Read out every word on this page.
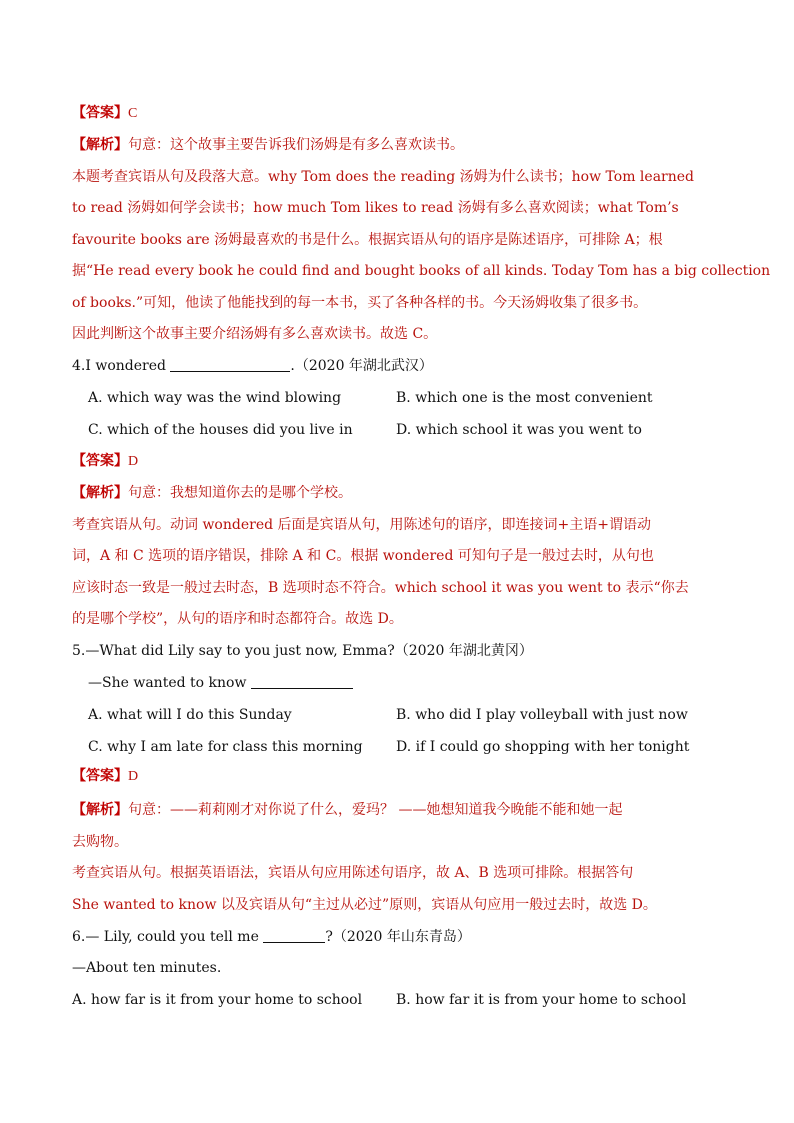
【答案】C
【解析】句意：这个故事主要告诉我们汤姆是有多么喜欢读书。
本题考查宾语从句及段落大意。why Tom does the reading 汤姆为什么读书；how Tom learned
to read 汤姆如何学会读书；how much Tom likes to read 汤姆有多么喜欢阅读；what Tom’s
favourite books are 汤姆最喜欢的书是什么。根据宾语从句的语序是陈述语序，可排除 A；根
据“He read every book he could find and bought books of all kinds. Today Tom has a big collection
of books.”可知，他读了他能找到的每一本书，买了各种各样的书。今天汤姆收集了很多书。
因此判断这个故事主要介绍汤姆有多么喜欢读书。故选 C。
4.I wondered	.（2020 年湖北武汉）
A. which way was the wind blowing	B. which one is the most convenient
C. which of the houses did you live in	D. which school it was you went to
【答案】D
【解析】句意：我想知道你去的是哪个学校。
考查宾语从句。动词 wondered 后面是宾语从句，用陈述句的语序，即连接词+主语+谓语动
词，A 和 C 选项的语序错误，排除 A 和 C。根据 wondered 可知句子是一般过去时，从句也
应该时态一致是一般过去时态，B 选项时态不符合。which school it was you went to 表示“你去
的是哪个学校”，从句的语序和时态都符合。故选 D。
5.—What did Lily say to you just now, Emma?（2020 年湖北黄冈）
—She wanted to know
A. what will I do this Sunday	B. who did I play volleyball with just now
C. why I am late for class this morning D. if I could go shopping with her tonight
【答案】D
【解析】句意：——莉莉刚才对你说了什么，爱玛？ ——她想知道我今晚能不能和她一起
去购物。
考查宾语从句。根据英语语法，宾语从句应用陈述句语序，故 A、B 选项可排除。根据答句
She wanted to know 以及宾语从句“主过从必过”原则，宾语从句应用一般过去时，故选 D。
6.— Lily, could you tell me	?（2020 年山东青岛）
—About ten minutes.
A. how far is it from your home to school B. how far it is from your home to school
